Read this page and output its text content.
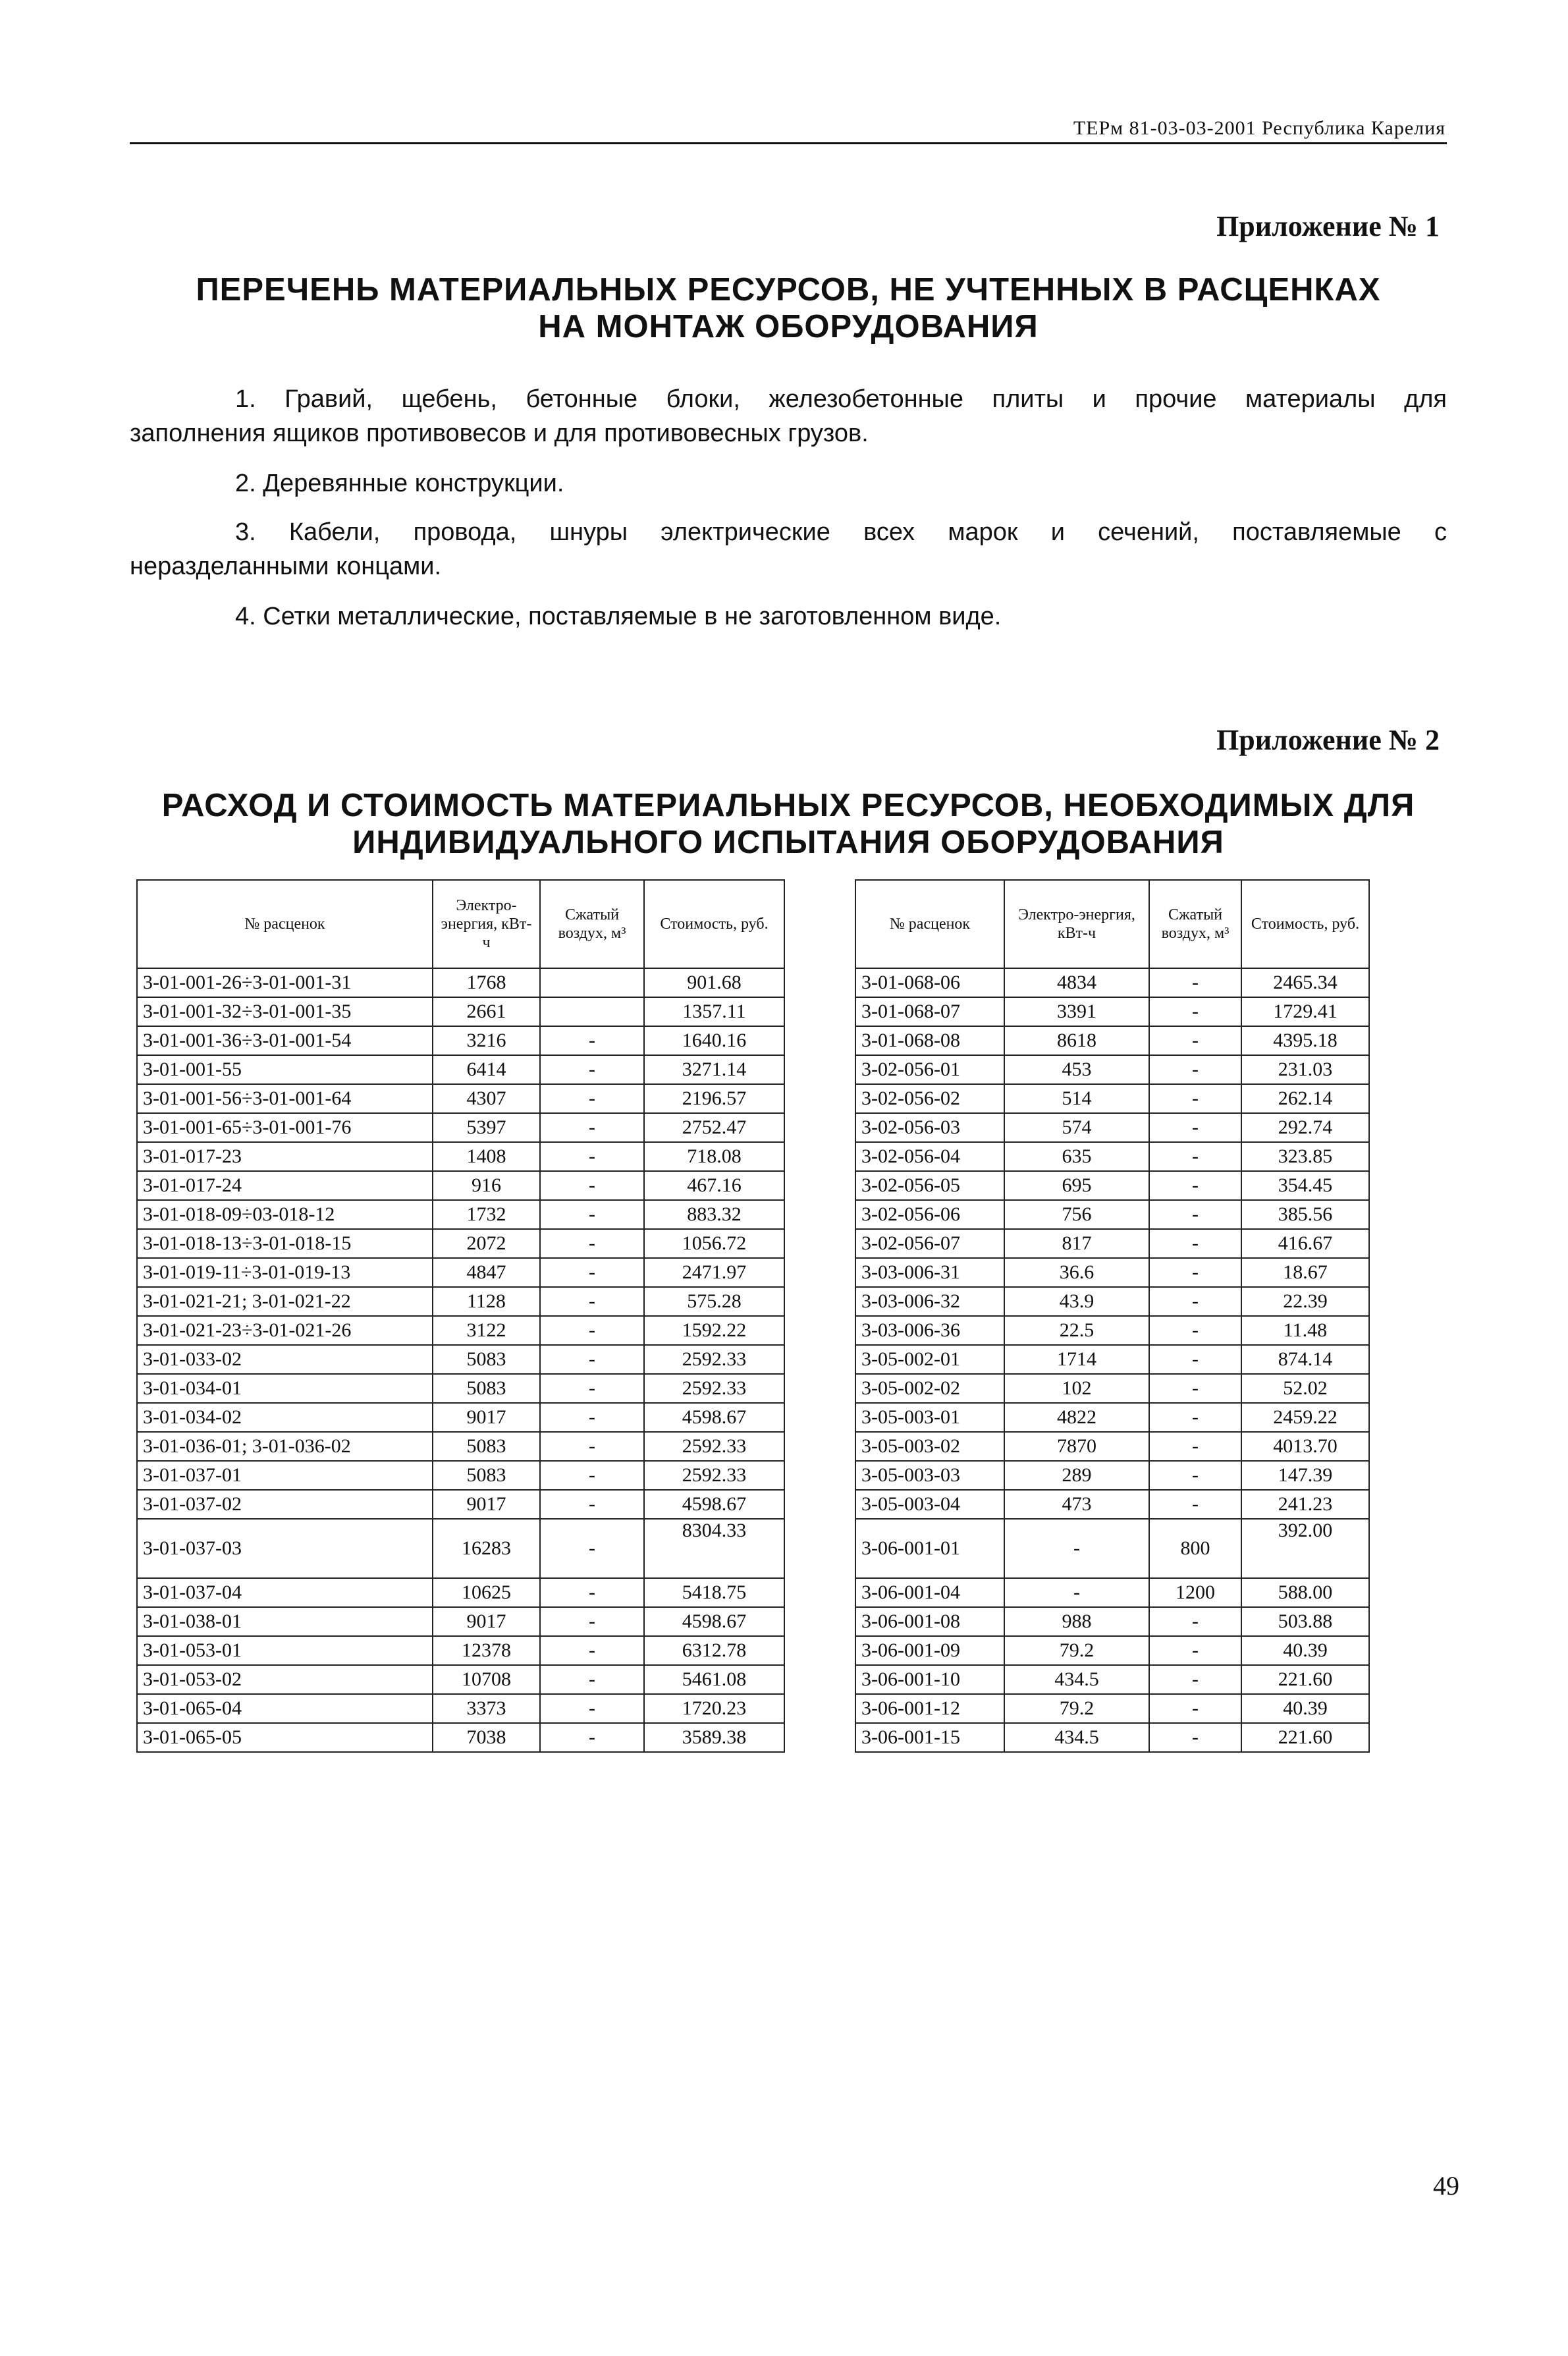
ТЕРм 81-03-03-2001 Республика Карелия
Приложение № 1
ПЕРЕЧЕНЬ МАТЕРИАЛЬНЫХ РЕСУРСОВ, НЕ УЧТЕННЫХ В РАСЦЕНКАХ
НА МОНТАЖ ОБОРУДОВАНИЯ
1. Гравий, щебень, бетонные блоки, железобетонные плиты и прочие материалы для
заполнения ящиков противовесов и для противовесных грузов.
2. Деревянные конструкции.
3. Кабели, провода, шнуры электрические всех марок и сечений, поставляемые с
неразделанными концами.
4. Сетки металлические, поставляемые в не заготовленном виде.
Приложение № 2
РАСХОД И СТОИМОСТЬ МАТЕРИАЛЬНЫХ РЕСУРСОВ, НЕОБХОДИМЫХ ДЛЯ
ИНДИВИДУАЛЬНОГО ИСПЫТАНИЯ ОБОРУДОВАНИЯ
№ расценок	Электро-энергия, кВт-ч	Сжатый воздух, м³	Стоимость, руб.
3-01-001-26÷3-01-001-31	1768		901.68
3-01-001-32÷3-01-001-35	2661		1357.11
3-01-001-36÷3-01-001-54	3216	-	1640.16
3-01-001-55	6414	-	3271.14
3-01-001-56÷3-01-001-64	4307	-	2196.57
3-01-001-65÷3-01-001-76	5397	-	2752.47
3-01-017-23	1408	-	718.08
3-01-017-24	916	-	467.16
3-01-018-09÷03-018-12	1732	-	883.32
3-01-018-13÷3-01-018-15	2072	-	1056.72
3-01-019-11÷3-01-019-13	4847	-	2471.97
3-01-021-21; 3-01-021-22	1128	-	575.28
3-01-021-23÷3-01-021-26	3122	-	1592.22
3-01-033-02	5083	-	2592.33
3-01-034-01	5083	-	2592.33
3-01-034-02	9017	-	4598.67
3-01-036-01; 3-01-036-02	5083	-	2592.33
3-01-037-01	5083	-	2592.33
3-01-037-02	9017	-	4598.67
3-01-037-03	16283	-	8304.33
3-01-037-04	10625	-	5418.75
3-01-038-01	9017	-	4598.67
3-01-053-01	12378	-	6312.78
3-01-053-02	10708	-	5461.08
3-01-065-04	3373	-	1720.23
3-01-065-05	7038	-	3589.38
№ расценок	Электро-энергия, кВт-ч	Сжатый воздух, м³	Стоимость, руб.
3-01-068-06	4834	-	2465.34
3-01-068-07	3391	-	1729.41
3-01-068-08	8618	-	4395.18
3-02-056-01	453	-	231.03
3-02-056-02	514	-	262.14
3-02-056-03	574	-	292.74
3-02-056-04	635	-	323.85
3-02-056-05	695	-	354.45
3-02-056-06	756	-	385.56
3-02-056-07	817	-	416.67
3-03-006-31	36.6	-	18.67
3-03-006-32	43.9	-	22.39
3-03-006-36	22.5	-	11.48
3-05-002-01	1714	-	874.14
3-05-002-02	102	-	52.02
3-05-003-01	4822	-	2459.22
3-05-003-02	7870	-	4013.70
3-05-003-03	289	-	147.39
3-05-003-04	473	-	241.23
3-06-001-01	-	800	392.00
3-06-001-04	-	1200	588.00
3-06-001-08	988	-	503.88
3-06-001-09	79.2	-	40.39
3-06-001-10	434.5	-	221.60
3-06-001-12	79.2	-	40.39
3-06-001-15	434.5	-	221.60
49
